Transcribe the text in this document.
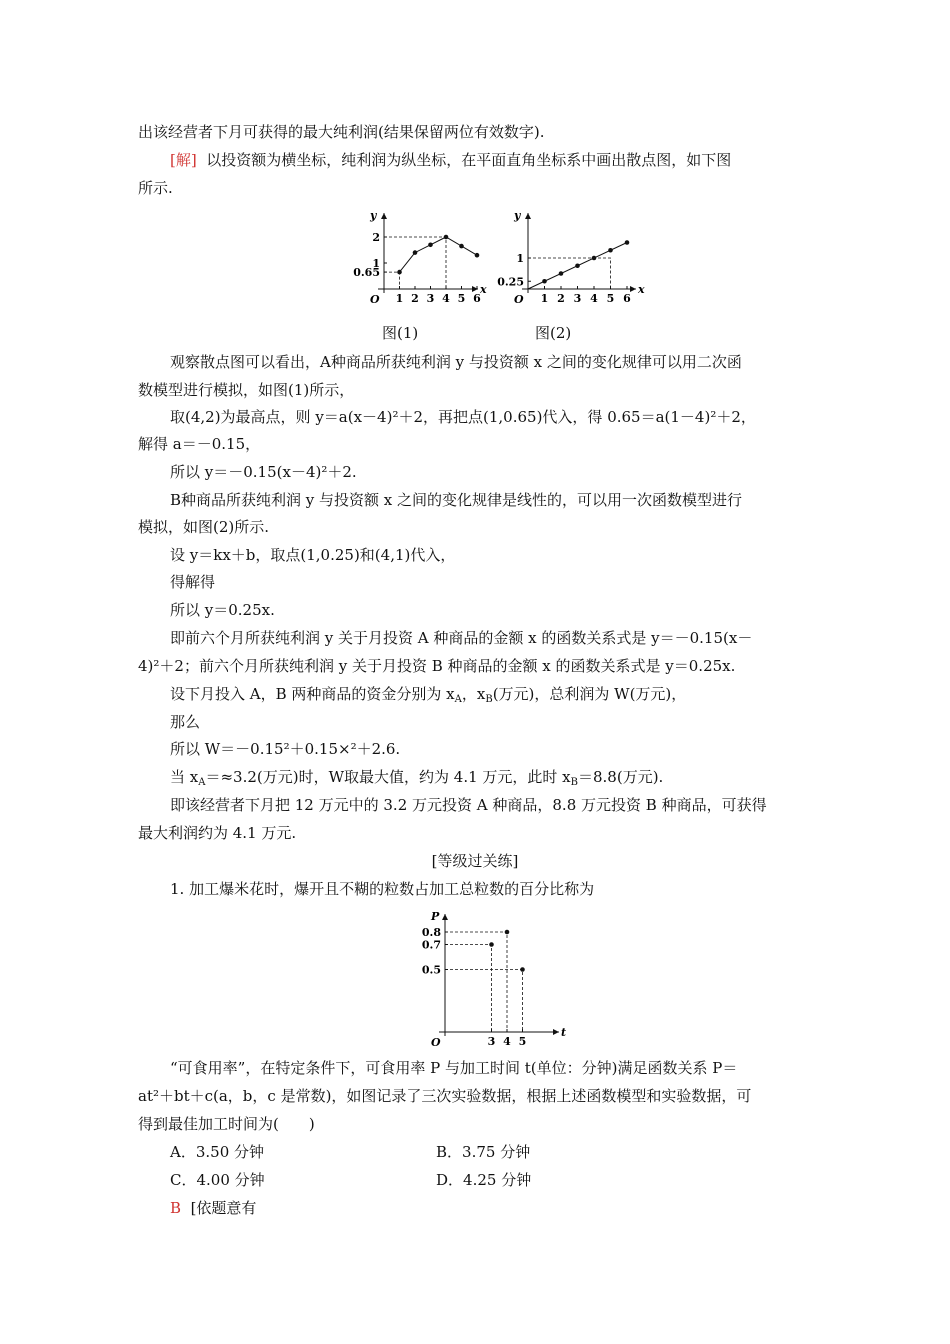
出该经营者下月可获得的最大纯利润(结果保留两位有效数字).
[解] 以投资额为横坐标，纯利润为纵坐标，在平面直角坐标系中画出散点图，如下图
所示.
x
y
O 1 2 3 4 5 6
0.65
1
2
x
y
O 1 2 3 4 5 6
0.25
1
图(1)	图(2)
观察散点图可以看出，A种商品所获纯利润 y 与投资额 x 之间的变化规律可以用二次函
数模型进行模拟，如图(1)所示，
取(4,2)为最高点，则 y＝a(x－4)²＋2，再把点(1,0.65)代入，得 0.65＝a(1－4)²＋2，
解得 a＝－0.15，
所以 y＝－0.15(x－4)²＋2.
B种商品所获纯利润 y 与投资额 x 之间的变化规律是线性的，可以用一次函数模型进行
模拟，如图(2)所示.
设 y＝kx＋b，取点(1,0.25)和(4,1)代入，
得解得
所以 y＝0.25x.
即前六个月所获纯利润 y 关于月投资 A 种商品的金额 x 的函数关系式是 y＝－0.15(x－
4)²＋2；前六个月所获纯利润 y 关于月投资 B 种商品的金额 x 的函数关系式是 y＝0.25x.
设下月投入 A，B 两种商品的资金分别为 $x_A$，$x_B$(万元)，总利润为 W(万元)，
那么
所以 W＝－0.15²＋0.15×²＋2.6.
当 $x_A=\approx 3.2$(万元)时，W取最大值，约为 4.1 万元，此时 $x_B=8.8$(万元).
即该经营者下月把 12 万元中的 3.2 万元投资 A 种商品，8.8 万元投资 B 种商品，可获得
最大利润约为 4.1 万元.
[等级过关练]
1. 加工爆米花时，爆开且不糊的粒数占加工总粒数的百分比称为
t
P
O	3 4 5
0.5
0.7
0.8
“可食用率”，在特定条件下，可食用率 P 与加工时间 t(单位：分钟)满足函数关系 P＝
at²＋bt＋c(a，b，c 是常数)，如图记录了三次实验数据，根据上述函数模型和实验数据，可
得到最佳加工时间为(　　)
A．3.50 分钟	B．3.75 分钟
C．4.00 分钟	D．4.25 分钟
B [依题意有
